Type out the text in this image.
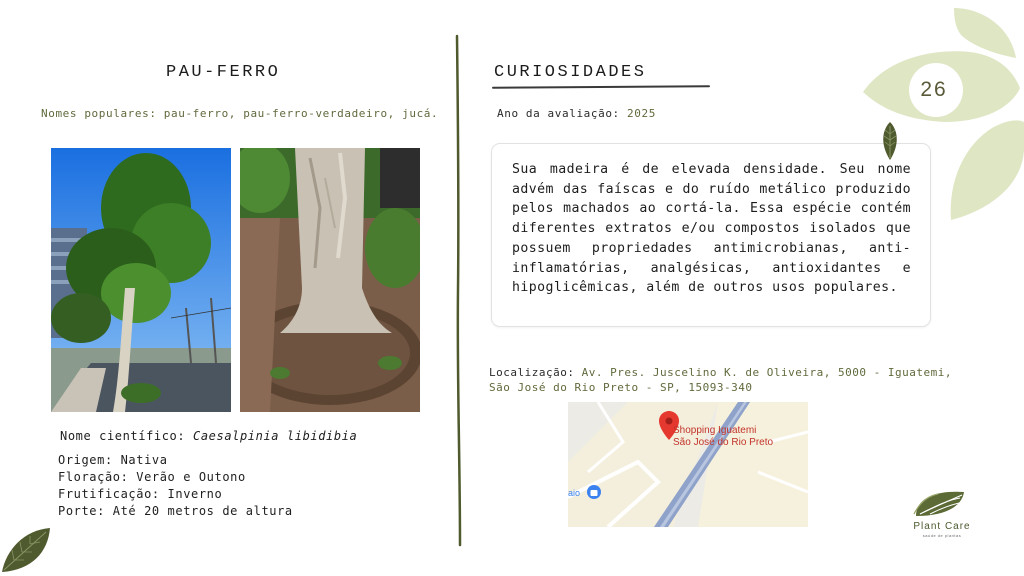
PAU-FERRO
Nomes populares: pau-ferro, pau-ferro-verdadeiro, jucá.
Nome científico: Caesalpinia libidibia
Origem: Nativa
Floração: Verão e Outono
Frutificação: Inverno
Porte: Até 20 metros de altura
CURIOSIDADES
Ano da avaliação: 2025
Sua madeira é de elevada densidade. Seu nome advém das faíscas e do ruído metálico produzido pelos machados ao cortá-la. Essa espécie contém diferentes extratos e/ou compostos isolados que possuem propriedades antimicrobianas, anti-inflamatórias, analgésicas, antioxidantes e hipoglicêmicas, além de outros usos populares.
Localização: Av. Pres. Juscelino K. de Oliveira, 5000 - Iguatemi, São José do Rio Preto - SP, 15093-340
Shopping Iguatemi
São José do Rio Preto
aio
26
Plant Care
saúde de plantas
